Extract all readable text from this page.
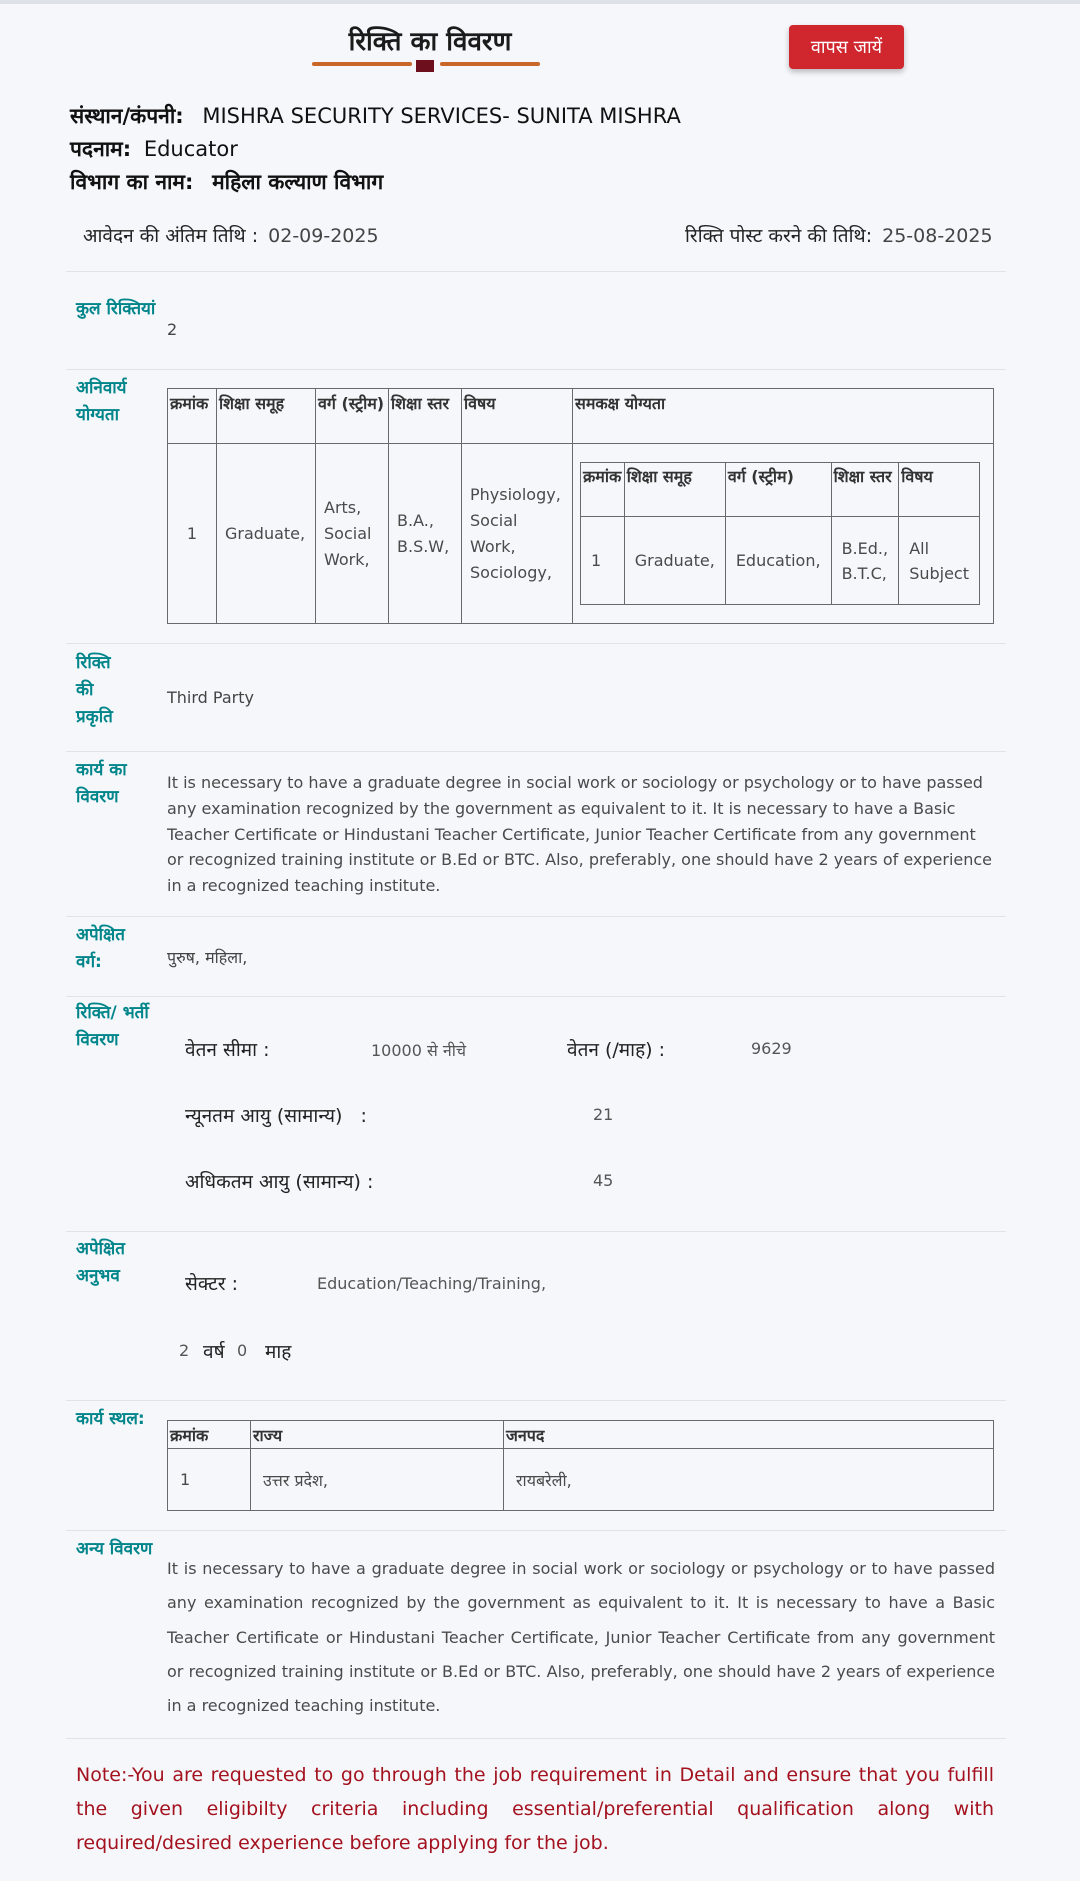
रिक्ति का विवरण	वापस जायें
संस्थान/कंपनी: MISHRA SECURITY SERVICES- SUNITA MISHRA
पदनाम: Educator
विभाग का नाम: महिला कल्याण विभाग
आवेदन की अंतिम तिथि : 02-09-2025	रिक्ति पोस्ट करने की तिथि: 25-08-2025
कुल रिक्तियां
2
अनिवार्य योग्यता
क्रमांक	शिक्षा समूह	वर्ग (स्ट्रीम)	शिक्षा स्तर	विषय	समकक्ष योग्यता
1	Graduate,	Arts, Social Work,	B.A., B.S.W,	Physiology, Social Work, Sociology,	
क्रमांक	शिक्षा समूह	वर्ग (स्ट्रीम)	शिक्षा स्तर	विषय
1	Graduate,	Education,	B.Ed., B.T.C,	All Subject
रिक्ति की प्रकृति
Third Party
कार्य का विवरण
It is necessary to have a graduate degree in social work or sociology or psychology or to have passed any examination recognized by the government as equivalent to it. It is necessary to have a Basic Teacher Certificate or Hindustani Teacher Certificate, Junior Teacher Certificate from any government or recognized training institute or B.Ed or BTC. Also, preferably, one should have 2 years of experience in a recognized teaching institute.
अपेक्षित वर्ग:	पुरुष, महिला,
रिक्ति/ भर्ती विवरण	वेतन सीमा :	10000 से नीचे	वेतन (/माह) :	9629
न्यूनतम आयु (सामान्य)   :	21
अधिकतम आयु (सामान्य) :	45
अपेक्षित अनुभव	सेक्टर :	Education/Teaching/Training,
2 वर्ष 0 माह
कार्य स्थल:
क्रमांक	राज्य	जनपद
1	उत्तर प्रदेश,	रायबरेली,
अन्य विवरण
It is necessary to have a graduate degree in social work or sociology or psychology or to have passed any examination recognized by the government as equivalent to it. It is necessary to have a Basic Teacher Certificate or Hindustani Teacher Certificate, Junior Teacher Certificate from any government or recognized training institute or B.Ed or BTC. Also, preferably, one should have 2 years of experience in a recognized teaching institute.
Note:-You are requested to go through the job requirement in Detail and ensure that you fulfill the given eligibilty criteria including essential/preferential qualification along with required/desired experience before applying for the job.
